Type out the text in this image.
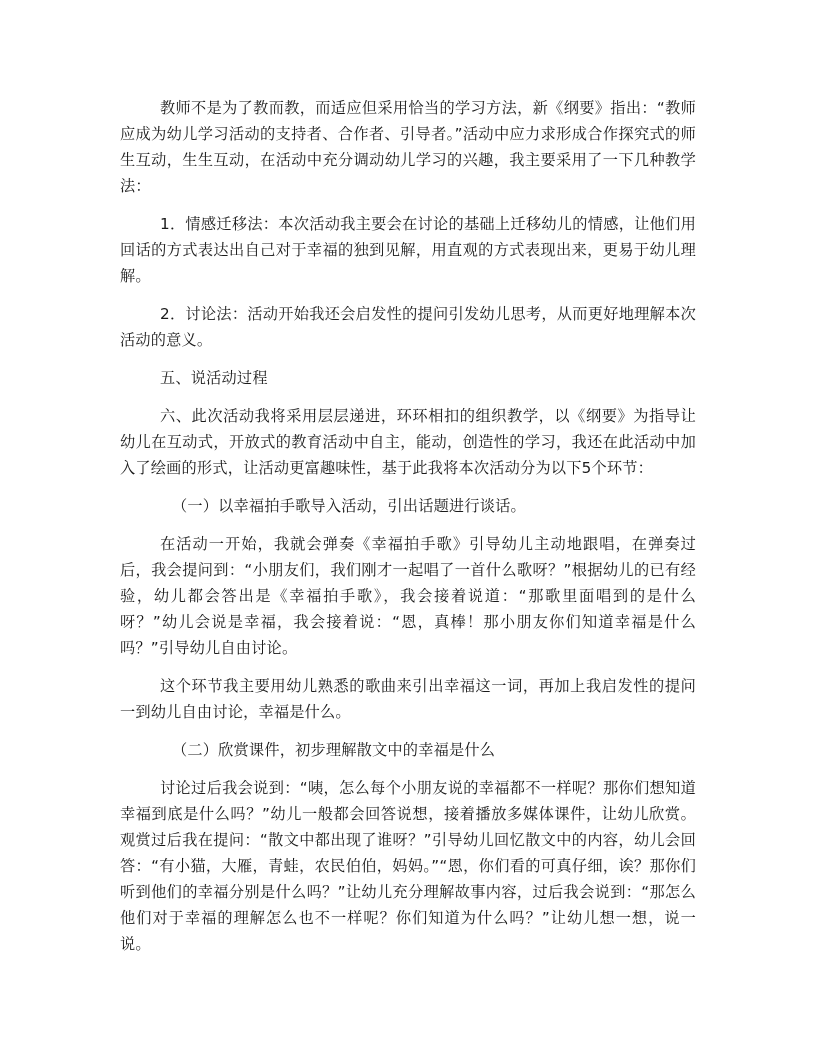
教师不是为了教而教，而适应但采用恰当的学习方法，新《纲要》指出：“教师应成为幼儿学习活动的支持者、合作者、引导者。”活动中应力求形成合作探究式的师生互动，生生互动，在活动中充分调动幼儿学习的兴趣，我主要采用了一下几种教学法：

1．情感迁移法：本次活动我主要会在讨论的基础上迁移幼儿的情感，让他们用回话的方式表达出自己对于幸福的独到见解，用直观的方式表现出来，更易于幼儿理解。

2．讨论法：活动开始我还会启发性的提问引发幼儿思考，从而更好地理解本次活动的意义。

五、说活动过程

六、此次活动我将采用层层递进，环环相扣的组织教学，以《纲要》为指导让幼儿在互动式，开放式的教育活动中自主，能动，创造性的学习，我还在此活动中加入了绘画的形式，让活动更富趣味性，基于此我将本次活动分为以下5个环节：

（一）以幸福拍手歌导入活动，引出话题进行谈话。

在活动一开始，我就会弹奏《幸福拍手歌》引导幼儿主动地跟唱，在弹奏过后，我会提问到：“小朋友们，我们刚才一起唱了一首什么歌呀？”根据幼儿的已有经验，幼儿都会答出是《幸福拍手歌》，我会接着说道：“那歌里面唱到的是什么呀？”幼儿会说是幸福，我会接着说：“恩，真棒！那小朋友你们知道幸福是什么吗？”引导幼儿自由讨论。

这个环节我主要用幼儿熟悉的歌曲来引出幸福这一词，再加上我启发性的提问一到幼儿自由讨论，幸福是什么。

（二）欣赏课件，初步理解散文中的幸福是什么

讨论过后我会说到：“咦，怎么每个小朋友说的幸福都不一样呢？那你们想知道幸福到底是什么吗？”幼儿一般都会回答说想，接着播放多媒体课件，让幼儿欣赏。观赏过后我在提问：“散文中都出现了谁呀？”引导幼儿回忆散文中的内容，幼儿会回答：“有小猫，大雁，青蛙，农民伯伯，妈妈。”“恩，你们看的可真仔细，诶？那你们听到他们的幸福分别是什么吗？”让幼儿充分理解故事内容，过后我会说到：“那怎么他们对于幸福的理解怎么也不一样呢？你们知道为什么吗？”让幼儿想一想，说一说。
